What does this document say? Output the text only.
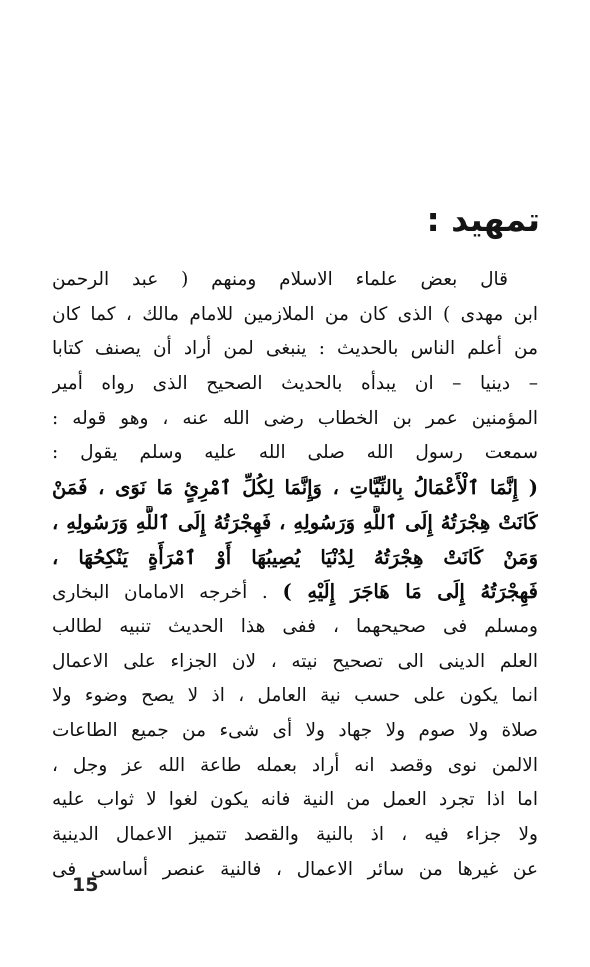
تمهيد :
قال بعض علماء الاسلام ومنهم ( عبد الرحمن
ابن مهدى ) الذى كان من الملازمين للامام مالك ، كما كان
من أعلم الناس بالحديث : ينبغى لمن أراد أن يصنف كتابا
– دينيا – ان يبدأه بالحديث الصحيح الذى رواه أمير
المؤمنين عمر بن الخطاب رضى الله عنه ، وهو قوله :
سمعت رسول الله صلى الله عليه وسلم يقول :
( إِنَّمَا ٱلْأَعْمَالُ بِالنِّيَّاتِ ، وَإِنَّمَا لِكُلِّ ٱمْرِئٍ مَا نَوَى ، فَمَنْ
كَانَتْ هِجْرَتُهُ إِلَى ٱللَّهِ وَرَسُولِهِ ، فَهِجْرَتُهُ إِلَى ٱللَّهِ وَرَسُولِهِ ،
وَمَنْ كَانَتْ هِجْرَتُهُ لِدُنْيَا يُصِيبُهَا أَوْ ٱمْرَأَةٍ يَنْكِحُهَا ،
فَهِجْرَتُهُ إِلَى مَا هَاجَرَ إِلَيْهِ ) . أخرجه الامامان البخارى
ومسلم فى صحيحهما ، ففى هذا الحديث تنبيه لطالب
العلم الدينى الى تصحيح نيته ، لان الجزاء على الاعمال
انما يكون على حسب نية العامل ، اذ لا يصح وضوء ولا
صلاة ولا صوم ولا جهاد ولا أى شىء من جميع الطاعات
الالمن نوى وقصد انه أراد بعمله طاعة الله عز وجل ،
اما اذا تجرد العمل من النية فانه يكون لغوا لا ثواب عليه
ولا جزاء فيه ، اذ بالنية والقصد تتميز الاعمال الدينية
عن غيرها من سائر الاعمال ، فالنية عنصر أساسى فى
15
